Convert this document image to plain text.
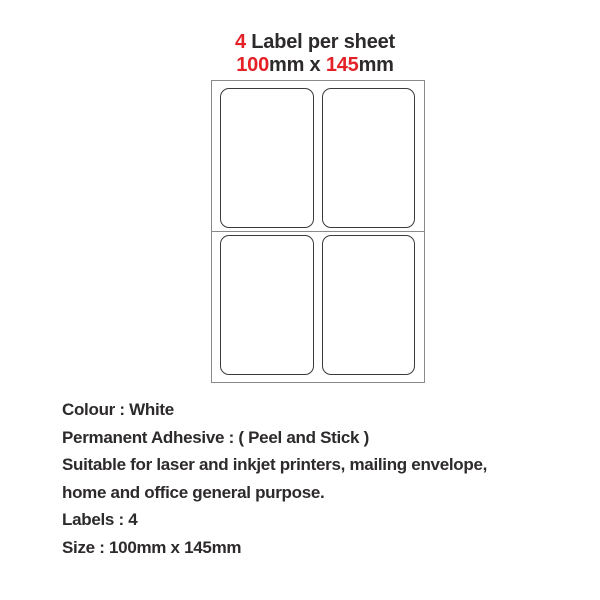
4 Label per sheet
100mm x 145mm
Colour : White
Permanent Adhesive : ( Peel and Stick )
Suitable for laser and inkjet printers, mailing envelope,
home and office general purpose.
Labels : 4
Size : 100mm x 145mm
